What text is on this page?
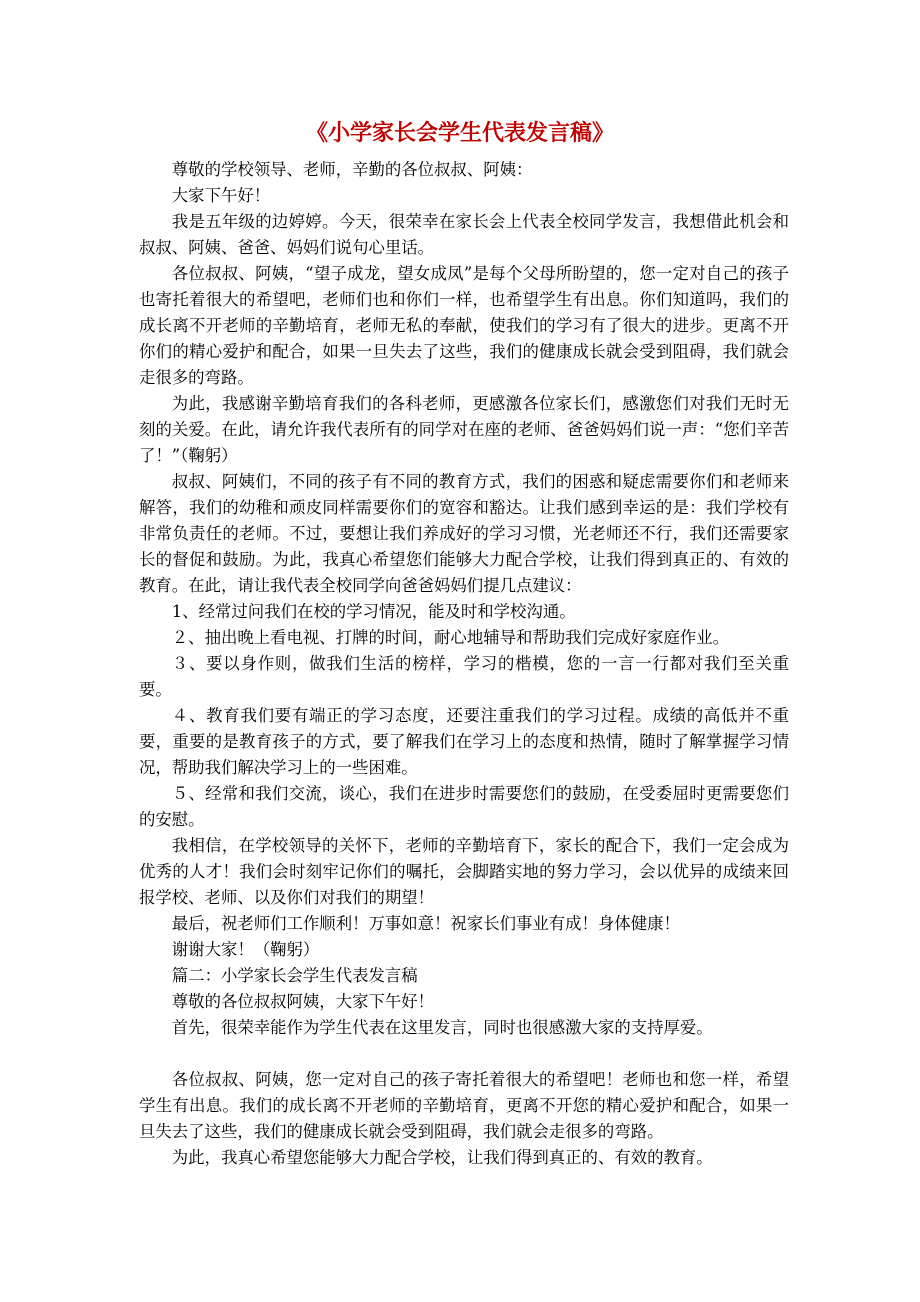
《小学家长会学生代表发言稿》

尊敬的学校领导、老师，辛勤的各位叔叔、阿姨：

大家下午好！

我是五年级的边婷婷。今天，很荣幸在家长会上代表全校同学发言，我想借此机会和叔叔、阿姨、爸爸、妈妈们说句心里话。

各位叔叔、阿姨，“望子成龙，望女成凤”是每个父母所盼望的，您一定对自己的孩子也寄托着很大的希望吧，老师们也和你们一样，也希望学生有出息。你们知道吗，我们的成长离不开老师的辛勤培育，老师无私的奉献，使我们的学习有了很大的进步。更离不开你们的精心爱护和配合，如果一旦失去了这些，我们的健康成长就会受到阻碍，我们就会走很多的弯路。

为此，我感谢辛勤培育我们的各科老师，更感激各位家长们，感激您们对我们无时无刻的关爱。在此，请允许我代表所有的同学对在座的老师、爸爸妈妈们说一声：“您们辛苦了！”（鞠躬）

叔叔、阿姨们，不同的孩子有不同的教育方式，我们的困惑和疑虑需要你们和老师来解答，我们的幼稚和顽皮同样需要你们的宽容和豁达。让我们感到幸运的是：我们学校有非常负责任的老师。不过，要想让我们养成好的学习习惯，光老师还不行，我们还需要家长的督促和鼓励。为此，我真心希望您们能够大力配合学校，让我们得到真正的、有效的教育。在此，请让我代表全校同学向爸爸妈妈们提几点建议：

1、经常过问我们在校的学习情况，能及时和学校沟通。

２、抽出晚上看电视、打牌的时间，耐心地辅导和帮助我们完成好家庭作业。

３、要以身作则，做我们生活的榜样，学习的楷模，您的一言一行都对我们至关重要。

４、教育我们要有端正的学习态度，还要注重我们的学习过程。成绩的高低并不重要，重要的是教育孩子的方式，要了解我们在学习上的态度和热情，随时了解掌握学习情况，帮助我们解决学习上的一些困难。

５、经常和我们交流，谈心，我们在进步时需要您们的鼓励，在受委屈时更需要您们的安慰。

我相信，在学校领导的关怀下，老师的辛勤培育下，家长的配合下，我们一定会成为优秀的人才！我们会时刻牢记你们的嘱托，会脚踏实地的努力学习，会以优异的成绩来回报学校、老师、以及你们对我们的期望！

最后，祝老师们工作顺利！万事如意！祝家长们事业有成！身体健康！

谢谢大家！（鞠躬）

篇二：小学家长会学生代表发言稿

尊敬的各位叔叔阿姨，大家下午好！

首先，很荣幸能作为学生代表在这里发言，同时也很感激大家的支持厚爱。

各位叔叔、阿姨，您一定对自己的孩子寄托着很大的希望吧！老师也和您一样，希望学生有出息。我们的成长离不开老师的辛勤培育，更离不开您的精心爱护和配合，如果一旦失去了这些，我们的健康成长就会受到阻碍，我们就会走很多的弯路。

为此，我真心希望您能够大力配合学校，让我们得到真正的、有效的教育。
